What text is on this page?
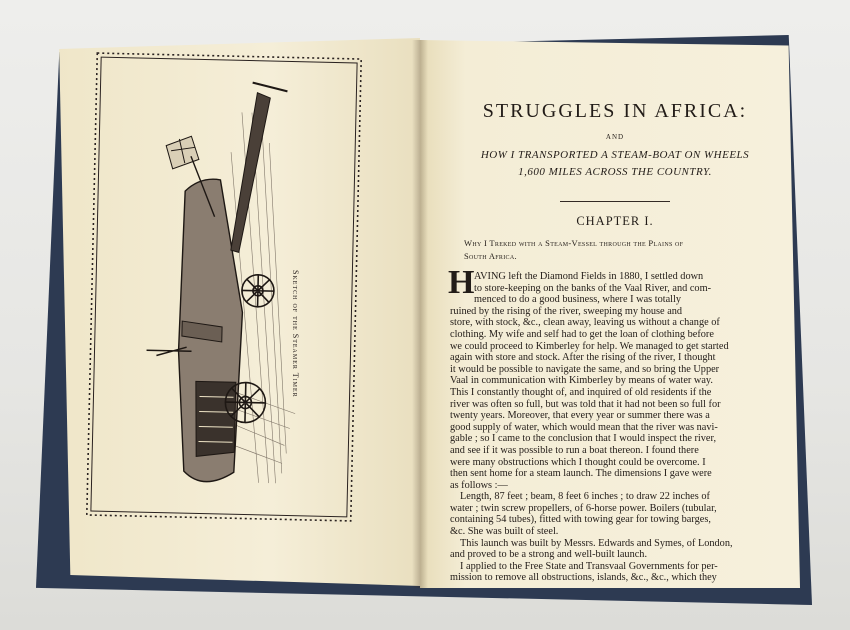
Sketch of the Steamer Timer
STRUGGLES IN AFRICA:
AND
HOW I TRANSPORTED A STEAM-BOAT ON WHEELS
1,600 MILES ACROSS THE COUNTRY.
CHAPTER I.
Why I Treked with a Steam-Vessel through the Plains of
South Africa.
H AVING left the Diamond Fields in 1880, I settled down
to store-keeping on the banks of the Vaal River, and com-
menced to do a good business, where I was totally
ruined by the rising of the river, sweeping my house and
store, with stock, &c., clean away, leaving us without a change of
clothing. My wife and self had to get the loan of clothing before
we could proceed to Kimberley for help. We managed to get started
again with store and stock. After the rising of the river, I thought
it would be possible to navigate the same, and so bring the Upper
Vaal in communication with Kimberley by means of water way.
This I constantly thought of, and inquired of old residents if the
river was often so full, but was told that it had not been so full for
twenty years. Moreover, that every year or summer there was a
good supply of water, which would mean that the river was navi-
gable ; so I came to the conclusion that I would inspect the river,
and see if it was possible to run a boat thereon. I found there
were many obstructions which I thought could be overcome. I
then sent home for a steam launch. The dimensions I gave were
as follows :—
Length, 87 feet ; beam, 8 feet 6 inches ; to draw 22 inches of
water ; twin screw propellers, of 6-horse power. Boilers (tubular,
containing 54 tubes), fitted with towing gear for towing barges,
&c. She was built of steel.
This launch was built by Messrs. Edwards and Symes, of London,
and proved to be a strong and well-built launch.
I applied to the Free State and Transvaal Governments for per-
mission to remove all obstructions, islands, &c., &c., which they
